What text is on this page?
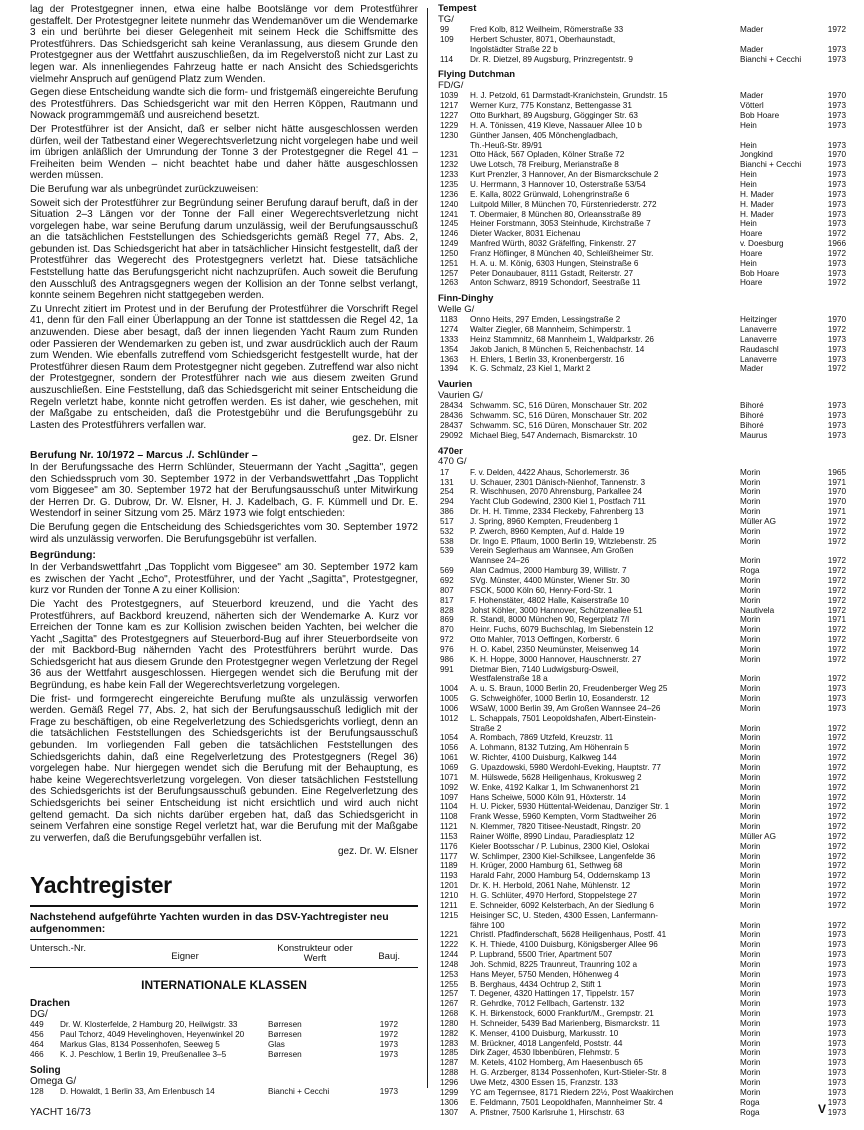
lag der Protestgegner innen, etwa eine halbe Bootslänge vor dem Protestführer gestaffelt. Der Protestgegner leitete nunmehr das Wendemanöver um die Wendemarke 3 ein und berührte bei dieser Gelegenheit mit seinem Heck die Schiffsmitte des Protestführers. Das Schiedsgericht sah keine Veranlassung, aus diesem Grunde den Protestgegner aus der Wettfahrt auszuschließen, da im Regelverstoß nicht zur Last zu legen war. Als innenliegendes Fahrzeug hatte er nach Ansicht des Schiedsgerichts vielmehr Anspruch auf genügend Platz zum Wenden.

Gegen diese Entscheidung wandte sich die form- und fristgemäß eingereichte Berufung des Protestführers. Das Schiedsgericht war mit den Herren Köppen, Rautmann und Nowack programmgemäß und ausreichend besetzt.

Der Protestführer ist der Ansicht, daß er selber nicht hätte ausgeschlossen werden dürfen, weil der Tatbestand einer Wegerechtsverletzung nicht vorgelegen habe und weil im übrigen anläßlich der Umrundung der Tonne 3 der Protestgegner die Regel 41 – Freiheiten beim Wenden – nicht beachtet habe und daher hätte ausgeschlossen werden müssen.

Die Berufung war als unbegründet zurückzuweisen:

Soweit sich der Protestführer zur Begründung seiner Berufung darauf beruft, daß in der Situation 2–3 Längen vor der Tonne der Fall einer Wegerechtsverletzung nicht vorgelegen habe, war seine Berufung darum unzulässig, weil der Berufungsausschuß an die tatsächlichen Feststellungen des Schiedsgerichts gemäß Regel 77, Abs. 2, gebunden ist. Das Schiedsgericht hat aber in tatsächlicher Hinsicht festgestellt, daß der Protestführer das Wegerecht des Protestgegners verletzt hat. Diese tatsächliche Feststellung hatte das Berufungsgericht nicht nachzuprüfen. Auch soweit die Berufung den Ausschluß des Antragsgegners wegen der Kollision an der Tonne selbst verlangt, konnte seinem Begehren nicht stattgegeben werden.

Zu Unrecht zitiert im Protest und in der Berufung der Protestführer die Vorschrift Regel 41, denn für den Fall einer Überlappung an der Tonne ist stattdessen die Regel 42, 1a anzuwenden. Diese aber besagt, daß der innen liegenden Yacht Raum zum Runden oder Passieren der Wendemarken zu geben ist, und zwar ausdrücklich auch der Raum zum Wenden. Wie ebenfalls zutreffend vom Schiedsgericht festgestellt wurde, hat der Protestführer diesen Raum dem Protestgegner nicht gegeben. Zutreffend war also nicht der Protestgegner, sondern der Protestführer nach wie aus diesem zweiten Grund auszuschließen. Eine Feststellung, daß das Schiedsgericht mit seiner Entscheidung die Regeln verletzt habe, konnte nicht getroffen werden. Es ist daher, wie geschehen, mit der Maßgabe zu entscheiden, daß die Protestgebühr und die Berufungsgebühr zu Lasten des Protestführers verfallen war.

gez. Dr. Elsner
Berufung Nr. 10/1972 – Marcus ./. Schlünder –

In der Berufungssache des Herrn Schlünder, Steuermann der Yacht „Sagitta", gegen den Schiedsspruch vom 30. September 1972 in der Verbandswettfahrt „Das Topplicht vom Biggesee" am 30. September 1972 hat der Berufungsausschuß unter Mitwirkung der Herren Dr. G. Dubrow, Dr. W. Elsner, H. J. Kadelbach, G. F. Kümmell und Dr. E. Westendorf in seiner Sitzung vom 25. März 1973 wie folgt entschieden:

Die Berufung gegen die Entscheidung des Schiedsgerichtes vom 30. September 1972 wird als unzulässig verworfen. Die Berufungsgebühr ist verfallen.

Begründung:

In der Verbandswettfahrt „Das Topplicht vom Biggesee" am 30. September 1972 kam es zwischen der Yacht „Echo", Protestführer, und der Yacht „Sagitta", Protestgegner, kurz vor Runden der Tonne A zu einer Kollision:

Die Yacht des Protestgegners, auf Steuerbord kreuzend, und die Yacht des Protestführers, auf Backbord kreuzend, näherten sich der Wendemarke A. Kurz vor Erreichen der Tonne kam es zur Kollision zwischen beiden Yachten, bei welcher die Yacht „Sagitta" des Protestgegners auf Steuerbord-Bug auf ihrer Steuerbordseite von der mit Backbord-Bug nähernden Yacht des Protestführers berührt wurde. Das Schiedsgericht hat aus diesem Grunde den Protestgegner wegen Verletzung der Regel 36 aus der Wettfahrt ausgeschlossen. Hiergegen wendet sich die Berufung mit der Begründung, es habe kein Fall der Wegerechtsverletzung vorgelegen.

Die frist- und formgerecht eingereichte Berufung mußte als unzulässig verworfen werden. Gemäß Regel 77, Abs. 2, hat sich der Berufungsausschuß lediglich mit der Frage zu beschäftigen, ob eine Regelverletzung des Schiedsgerichts vorliegt, denn an die tatsächlichen Feststellungen des Schiedsgerichts ist der Berufungsausschuß gebunden. Im vorliegenden Fall geben die tatsächlichen Feststellungen des Schiedsgerichts dahin, daß eine Regelverletzung des Protestgegners (Regel 36) vorgelegen habe. Nur hiergegen wendet sich die Berufung mit der Behauptung, es habe keine Wegerechtsverletzung vorgelegen. Von dieser tatsächlichen Feststellung des Schiedsgerichts ist der Berufungsausschuß gebunden. Eine Regelverletzung des Schiedsgerichts bei seiner Entscheidung ist nicht ersichtlich und wird auch nicht geltend gemacht. Da sich nichts darüber ergeben hat, daß das Schiedsgericht in seinem Verfahren eine sonstige Regel verletzt hat, war die Berufung mit der Maßgabe zu verwerfen, daß die Berufungsgebühr verfallen ist.

gez. Dr. W. Elsner
Yachtregister
Nachstehend aufgeführte Yachten wurden in das DSV-Yachtregister neu aufgenommen:
Untersch.-Nr.
Eigner
Konstrukteur oder Werft	Bauj.
INTERNATIONALE KLASSEN
Drachen
DG/
449	Dr. W. Klosterfelde, 2 Hamburg 20, Heilwigstr. 33	Børresen	1972
456	Paul Tchorz, 4049 Hevelinghoven, Heyenwinkel 20	Børresen	1972
464	Markus Glas, 8134 Possenhofen, Seeweg 5	Glas	1973
466	K. J. Peschlow, 1 Berlin 19, Preußenallee 3–5	Børresen	1973
Soling
Omega G/
128	D. Howaldt, 1 Berlin 33, Am Erlenbusch 14	Bianchi + Cecchi	1973
Tempest
TG/
99	Fred Kolb, 812 Weilheim, Römerstraße 33	Mader	1972
109	Herbert Schuster, 8071, Oberhaunstadt,
Ingolstädter Straße 22 b	Mader	1973
114	Dr. R. Dietzel, 89 Augsburg, Prinzregentstr. 9	Bianchi + Cecchi	1973
Flying Dutchman
FD/G/
1039	H. J. Petzold, 61 Darmstadt-Kranichstein, Grundstr. 15	Mader	1970
1217	Werner Kurz, 775 Konstanz, Bettengasse 31	Vötterl	1973
1227	Otto Burkhart, 89 Augsburg, Gögginger Str. 63	Bob Hoare	1973
1229	H. A. Tönissen, 419 Kleve, Nassauer Allee 10 b	Hein	1973
1230	Günther Jansen, 405 Mönchengladbach,
Th.-Heuß-Str. 89/91	Hein	1973
1231	Otto Häck, 567 Opladen, Kölner Straße 72	Jongkind	1970
1232	Uwe Lotsch, 78 Freiburg, Merianstraße 8	Bianchi + Cecchi	1973
1233	Kurt Prenzler, 3 Hannover, An der Bismarckschule 2	Hein	1973
1235	U. Herrmann, 3 Hannover 10, Osterstraße 53/54	Hein	1973
1236	E. Kalla, 8022 Grünwald, Lohengrinstraße 6	H. Mader	1973
1240	Luitpold Miller, 8 München 70, Fürstenriederstr. 272	H. Mader	1973
1241	T. Obermaier, 8 München 80, Orleansstraße 89	H. Mader	1973
1245	Heiner Forstmann, 3053 Steinhude, Kirchstraße 7	Hein	1973
1246	Dieter Wacker, 8031 Eichenau	Hoare	1972
1249	Manfred Würth, 8032 Gräfelfing, Finkenstr. 27	v. Doesburg	1966
1250	Franz Höflinger, 8 München 40, Schleißheimer Str.	Hoare	1972
1251	H. A. u. M. König, 6303 Hungen, Steinstraße 6	Hein	1973
1257	Peter Donaubauer, 8111 Gstadt, Reiterstr. 27	Bob Hoare	1973
1263	Anton Schwarz, 8919 Schondorf, Seestraße 11	Hoare	1972
Finn-Dinghy
Welle G/
1183	Onno Heits, 297 Emden, Lessingstraße 2	Heitzinger	1970
1274	Walter Ziegler, 68 Mannheim, Schimperstr. 1	Lanaverre	1972
1333	Heinz Stammnitz, 68 Mannheim 1, Waldparkstr. 26	Lanaverre	1973
1354	Jakob Janich, 8 München 5, Reichenbachstr. 14	Raudaschl	1973
1363	H. Ehlers, 1 Berlin 33, Kronenbergerstr. 16	Lanaverre	1973
1394	K. G. Schmalz, 23 Kiel 1, Markt 2	Mader	1972
Vaurien
Vaurien G/
28434 Schwamm. SC, 516 Düren, Monschauer Str. 202	Bihoré	1973
28436 Schwamm. SC, 516 Düren, Monschauer Str. 202	Bihoré	1973
28437 Schwamm. SC, 516 Düren, Monschauer Str. 202	Bihoré	1973
29092 Michael Bieg, 547 Andernach, Bismarckstr. 10	Maurus	1973
470er
470 G/
17	F. v. Delden, 4422 Ahaus, Schorlemerstr. 36	Morin	1965
131	U. Schauer, 2301 Dänisch-Nienhof, Tannenstr. 3	Morin	1971
254	R. Wischhusen, 2070 Ahrensburg, Parkallee 24	Morin	1970
294	Yacht Club Godewind, 2300 Kiel 1, Postfach 711	Morin	1970
386	Dr. H. H. Timme, 2334 Fleckeby, Fahrenberg 13	Morin	1971
517	J. Spring, 8960 Kempten, Freudenberg 1	Müller AG	1972
532	P. Zwerch, 8960 Kempten, Auf d. Halde 19	Morin	1972
538	Dr. Ingo E. Pflaum, 1000 Berlin 19, Witzlebenstr. 25	Morin	1972
539	Verein Seglerhaus am Wannsee, Am Großen
Wannsee 24–26	Morin	1972
569	Alan Cadmus, 2000 Hamburg 39, Willistr. 7	Roga	1972
692	SVg. Münster, 4400 Münster, Wiener Str. 30	Morin	1972
807	FSCK, 5000 Köln 60, Henry-Ford-Str. 1	Morin	1972
817	F. Hohenstäter, 4802 Halle, Kaiserstraße 10	Morin	1972
828	Johst Köhler, 3000 Hannover, Schützenallee 51	Nautivela	1972
869	R. Standl, 8000 München 90, Regerplatz 7/I	Morin	1971
870	Heinr. Fuchs, 6079 Buchschlag, Im Siebenstein 12	Morin	1972
972	Otto Mahler, 7013 Oeffingen, Korberstr. 6	Morin	1972
976	H. O. Kabel, 2350 Neumünster, Meisenweg 14	Morin	1972
986	K. H. Hoppe, 3000 Hannover, Hauschnerstr. 27	Morin	1972
991	Dietmar Bien, 7140 Ludwigsburg-Osweil,
Westfalenstraße 18 a	Morin	1972
1004	A. u. S. Braun, 1000 Berlin 20, Freudenberger Weg 25	Morin	1973
1005	G. Schweighöfer, 1000 Berlin 10, Eosanderstr. 12	Morin	1973
1006	WSaW, 1000 Berlin 39, Am Großen Wannsee 24–26	Morin	1973
1012	L. Schappals, 7501 Leopoldshafen, Albert-Einstein-
Straße 2	Morin	1972
1054	A. Rombach, 7869 Utzfeld, Kreuzstr. 11	Morin	1972
1056	A. Lohmann, 8132 Tutzing, Am Höhenrain 5	Morin	1972
1061	W. Richter, 4100 Duisburg, Kalkweg 144	Morin	1972
1069	G. Upazdowski, 5980 Werdohl-Eveking, Hauptstr. 77	Morin	1972
1071	M. Hülswede, 5628 Heiligenhaus, Krokusweg 2	Morin	1972
1092	W. Enke, 4192 Kalkar 1, Im Schwanenhorst 21	Morin	1972
1097	Hans Scheiwe, 5000 Köln 91, Höxterstr. 14	Morin	1972
1104	H. U. Picker, 5930 Hüttental-Weidenau, Danziger Str. 1	Morin	1972
1108	Frank Wesse, 5960 Kempten, Vorm Stadtweiher 26	Morin	1972
1121	N. Klemmer, 7820 Titisee-Neustadt, Ringstr. 20	Morin	1972
1153	Rainer Wölfle, 8990 Lindau, Paradiesplatz 12	Müller AG	1972
1176	Kieler Bootsschar / P. Lubinus, 2300 Kiel, Oslokai	Morin	1972
1177	W. Schlimper, 2300 Kiel-Schilksee, Langenfelde 36	Morin	1972
1189	H. Krüger, 2000 Hamburg 61, Sethweg 68	Morin	1972
1193	Harald Fahr, 2000 Hamburg 54, Oddernskamp 13	Morin	1972
1201	Dr. K. H. Herbold, 2061 Nahe, Mühlenstr. 12	Morin	1972
1210	H. G. Schlüter, 4970 Herford, Stoppelstege 27	Morin	1972
1211	E. Schneider, 6092 Kelsterbach, An der Siedlung 6	Morin	1972
1215	Heisinger SC, U. Steden, 4300 Essen, Lanfermann-
fähre 100	Morin	1972
1221	Christl. Pfadfinderschaft, 5628 Heiligenhaus, Postf. 41	Morin	1973
1222	K. H. Thiede, 4100 Duisburg, Königsberger Allee 96	Morin	1973
1244	P. Lupbrand, 5500 Trier, Apartment 507	Morin	1973
1248	Joh. Schmid, 8225 Traunreut, Traunring 102 a	Morin	1973
1253	Hans Meyer, 5750 Menden, Höhenweg 4	Morin	1973
1255	B. Berghaus, 4434 Ochtrup 2, Stift 1	Morin	1973
1257	T. Degener, 4320 Hattingen 17, Tippelstr. 157	Morin	1973
1267	R. Gehrdke, 7012 Fellbach, Gartenstr. 132	Morin	1973
1268	K. H. Birkenstock, 6000 Frankfurt/M., Grempstr. 21	Morin	1973
1280	H. Schneider, 5439 Bad Marienberg, Bismarckstr. 11	Morin	1973
1282	K. Menser, 4100 Duisburg, Markusstr. 10	Morin	1973
1283	M. Brückner, 4018 Langenfeld, Poststr. 44	Morin	1973
1285	Dirk Zager, 4530 Ibbenbüren, Flehmstr. 5	Morin	1973
1287	M. Ketels, 4102 Homberg, Am Haesenbusch 65	Morin	1973
1288	H. G. Arzberger, 8134 Possenhofen, Kurt-Stieler-Str. 8	Morin	1973
1296	Uwe Metz, 4300 Essen 15, Franzstr. 133	Morin	1973
1299	YC am Tegernsee, 8171 Riedern 22½, Post Waakirchen	Morin	1973
1306	E. Feldmann, 7501 Leopoldhafen, Mannheimer Str. 4	Roga	1973
1307	A. Pfistner, 7500 Karlsruhe 1, Hirschstr. 63	Roga	1973
YACHT 16/73	V
